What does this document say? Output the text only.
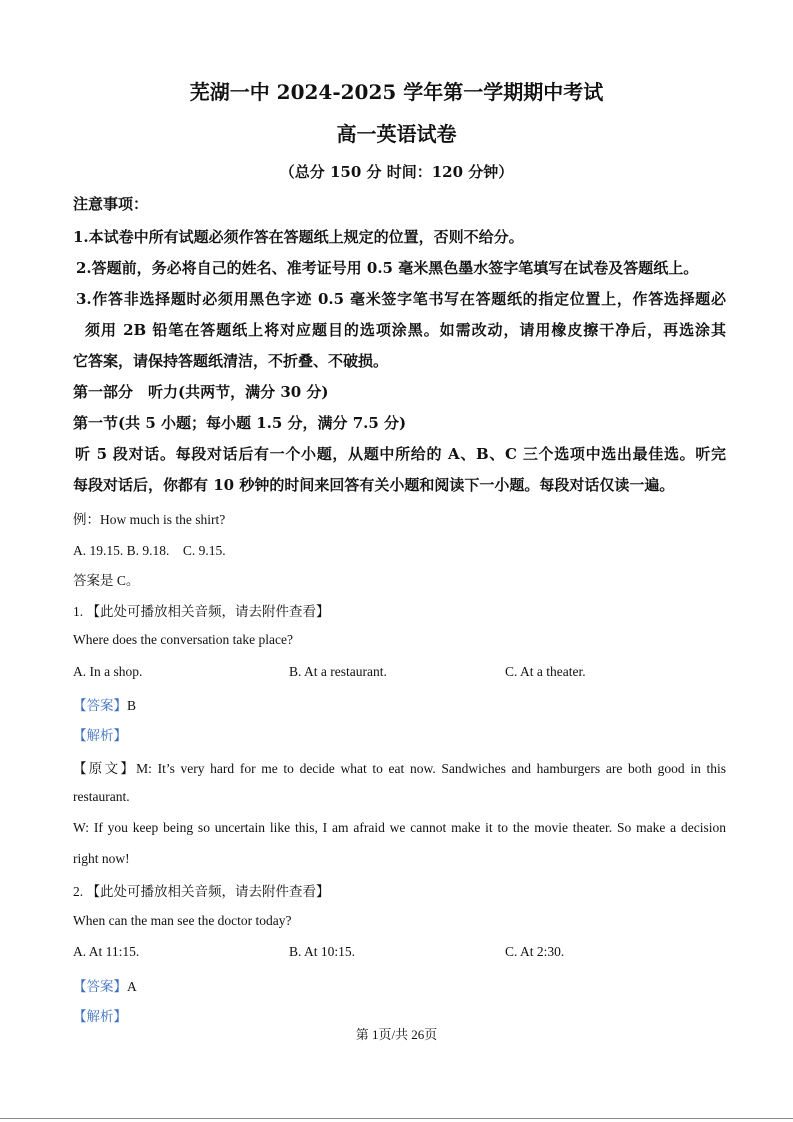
芜湖一中 2024-2025 学年第一学期期中考试
高一英语试卷
（总分 150 分 时间：120 分钟）
注意事项：
1.本试卷中所有试题必须作答在答题纸上规定的位置，否则不给分。
2.答题前，务必将自己的姓名、准考证号用 0.5 毫米黑色墨水签字笔填写在试卷及答题纸上。
3.作答非选择题时必须用黑色字迹 0.5 毫米签字笔书写在答题纸的指定位置上，作答选择题必
须用 2B 铅笔在答题纸上将对应题目的选项涂黑。如需改动，请用橡皮擦干净后，再选涂其
它答案，请保持答题纸清洁，不折叠、不破损。
第一部分　听力(共两节，满分 30 分)
第一节(共 5 小题；每小题 1.5 分，满分 7.5 分)
听 5 段对话。每段对话后有一个小题，从题中所给的 A、B、C 三个选项中选出最佳选。听完
每段对话后，你都有 10 秒钟的时间来回答有关小题和阅读下一小题。每段对话仅读一遍。
例：How much is the shirt?
A. 19.15. B. 9.18.　C. 9.15.
答案是 C。
1. 【此处可播放相关音频，请去附件查看】
Where does the conversation take place?
A. In a shop.	B. At a restaurant.	C. At a theater.
【答案】B
【解析】
【原文】M: It’s very hard for me to decide what to eat now. Sandwiches and hamburgers are both good in this
restaurant.
W: If you keep being so uncertain like this, I am afraid we cannot make it to the movie theater. So make a decision
right now!
2. 【此处可播放相关音频，请去附件查看】
When can the man see the doctor today?
A. At 11:15.	B. At 10:15.	C. At 2:30.
【答案】A
【解析】
第 1页/共 26页
